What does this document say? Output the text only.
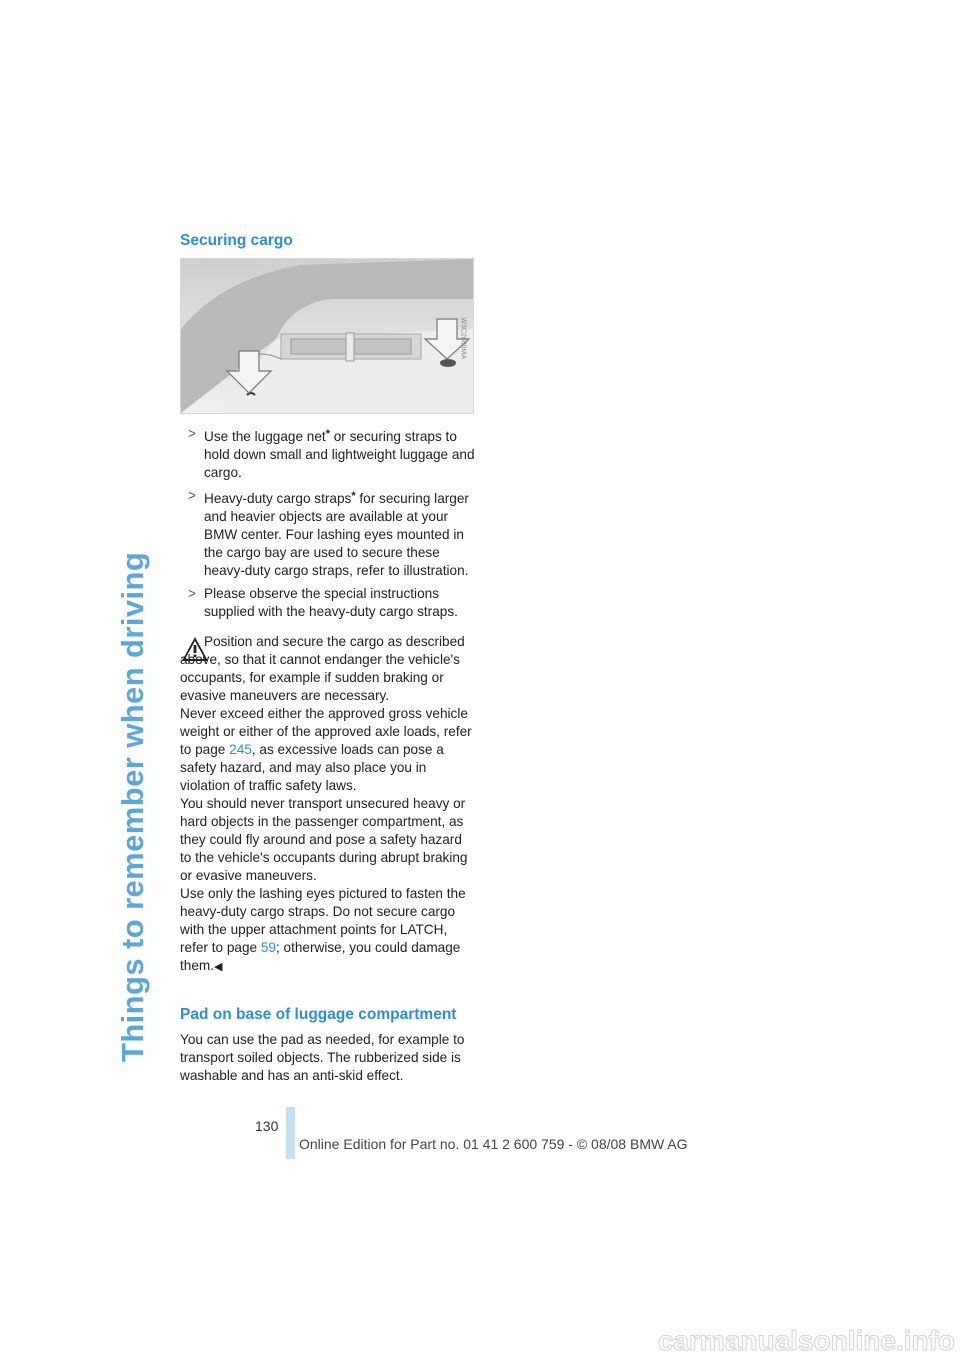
Things to remember when driving
Securing cargo
W3C2600MA
> Use the luggage net* or securing straps to hold down small and lightweight luggage and cargo.
> Heavy-duty cargo straps* for securing larger and heavier objects are available at your BMW center. Four lashing eyes mounted in the cargo bay are used to secure these heavy-duty cargo straps, refer to illustration.
> Please observe the special instructions supplied with the heavy-duty cargo straps.
Position and secure the cargo as described above, so that it cannot endanger the vehicle's occupants, for example if sudden braking or evasive maneuvers are necessary.
Never exceed either the approved gross vehicle weight or either of the approved axle loads, refer to page 245, as excessive loads can pose a safety hazard, and may also place you in violation of traffic safety laws.
You should never transport unsecured heavy or hard objects in the passenger compartment, as they could fly around and pose a safety hazard to the vehicle's occupants during abrupt braking or evasive maneuvers.
Use only the lashing eyes pictured to fasten the heavy-duty cargo straps. Do not secure cargo with the upper attachment points for LATCH, refer to page 59; otherwise, you could damage them.◀
Pad on base of luggage compartment
You can use the pad as needed, for example to transport soiled objects. The rubberized side is washable and has an anti-skid effect.
130
Online Edition for Part no. 01 41 2 600 759 - © 08/08 BMW AG
carmanualsonline.info
